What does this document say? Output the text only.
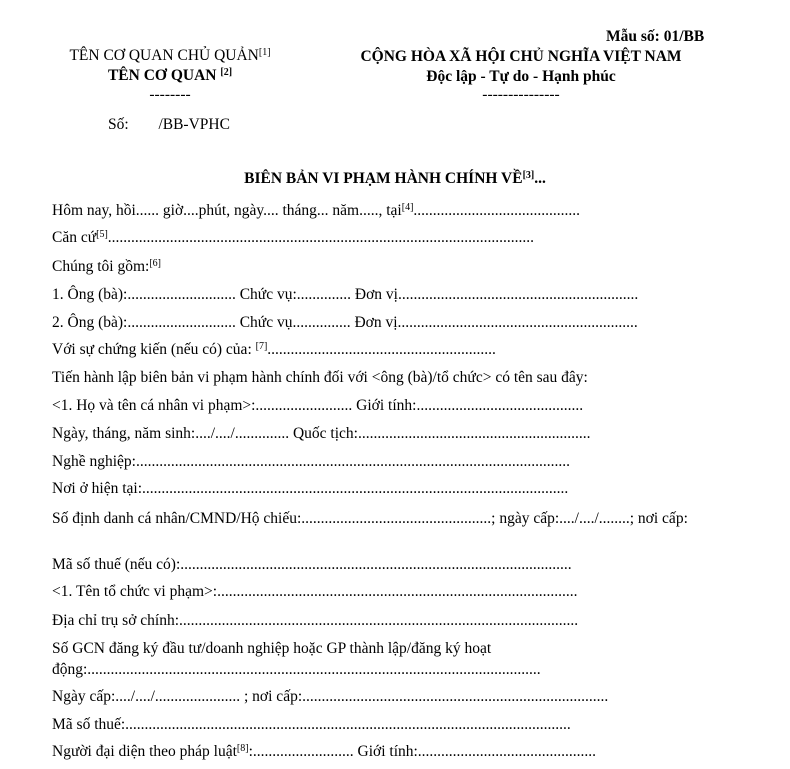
Mẫu số: 01/BB
TÊN CƠ QUAN CHỦ QUẢN[1]
TÊN CƠ QUAN [2]
--------
Số: /BB-VPHC
CỘNG HÒA XÃ HỘI CHỦ NGHĨA VIỆT NAM
Độc lập - Tự do - Hạnh phúc
---------------
BIÊN BẢN VI PHẠM HÀNH CHÍNH VỀ[3]...
Hôm nay, hồi...... giờ....phút, ngày.... tháng... năm....., tại[4]...........................................
Căn cứ[5]..............................................................................................................
Chúng tôi gồm:[6]
1. Ông (bà):............................ Chức vụ:.............. Đơn vị..............................................................
2. Ông (bà):............................ Chức vụ............... Đơn vị..............................................................
Với sự chứng kiến (nếu có) của: [7]...........................................................
Tiến hành lập biên bản vi phạm hành chính đối với <ông (bà)/tổ chức> có tên sau đây:
<1. Họ và tên cá nhân vi phạm>:......................... Giới tính:...........................................
Ngày, tháng, năm sinh:..../..../.............. Quốc tịch:............................................................
Nghề nghiệp:................................................................................................................
Nơi ở hiện tại:..............................................................................................................
Số định danh cá nhân/CMND/Hộ chiếu:.................................................; ngày cấp:..../..../........; nơi cấp:
Mã số thuế (nếu có):.....................................................................................................
<1. Tên tổ chức vi phạm>:.............................................................................................
Địa chỉ trụ sở chính:.......................................................................................................
Số GCN đăng ký đầu tư/doanh nghiệp hoặc GP thành lập/đăng ký hoạt động:.....................................................................................................................
Ngày cấp:..../..../...................... ; nơi cấp:...............................................................................
Mã số thuế:...................................................................................................................
Người đại diện theo pháp luật[8]:.......................... Giới tính:..............................................
